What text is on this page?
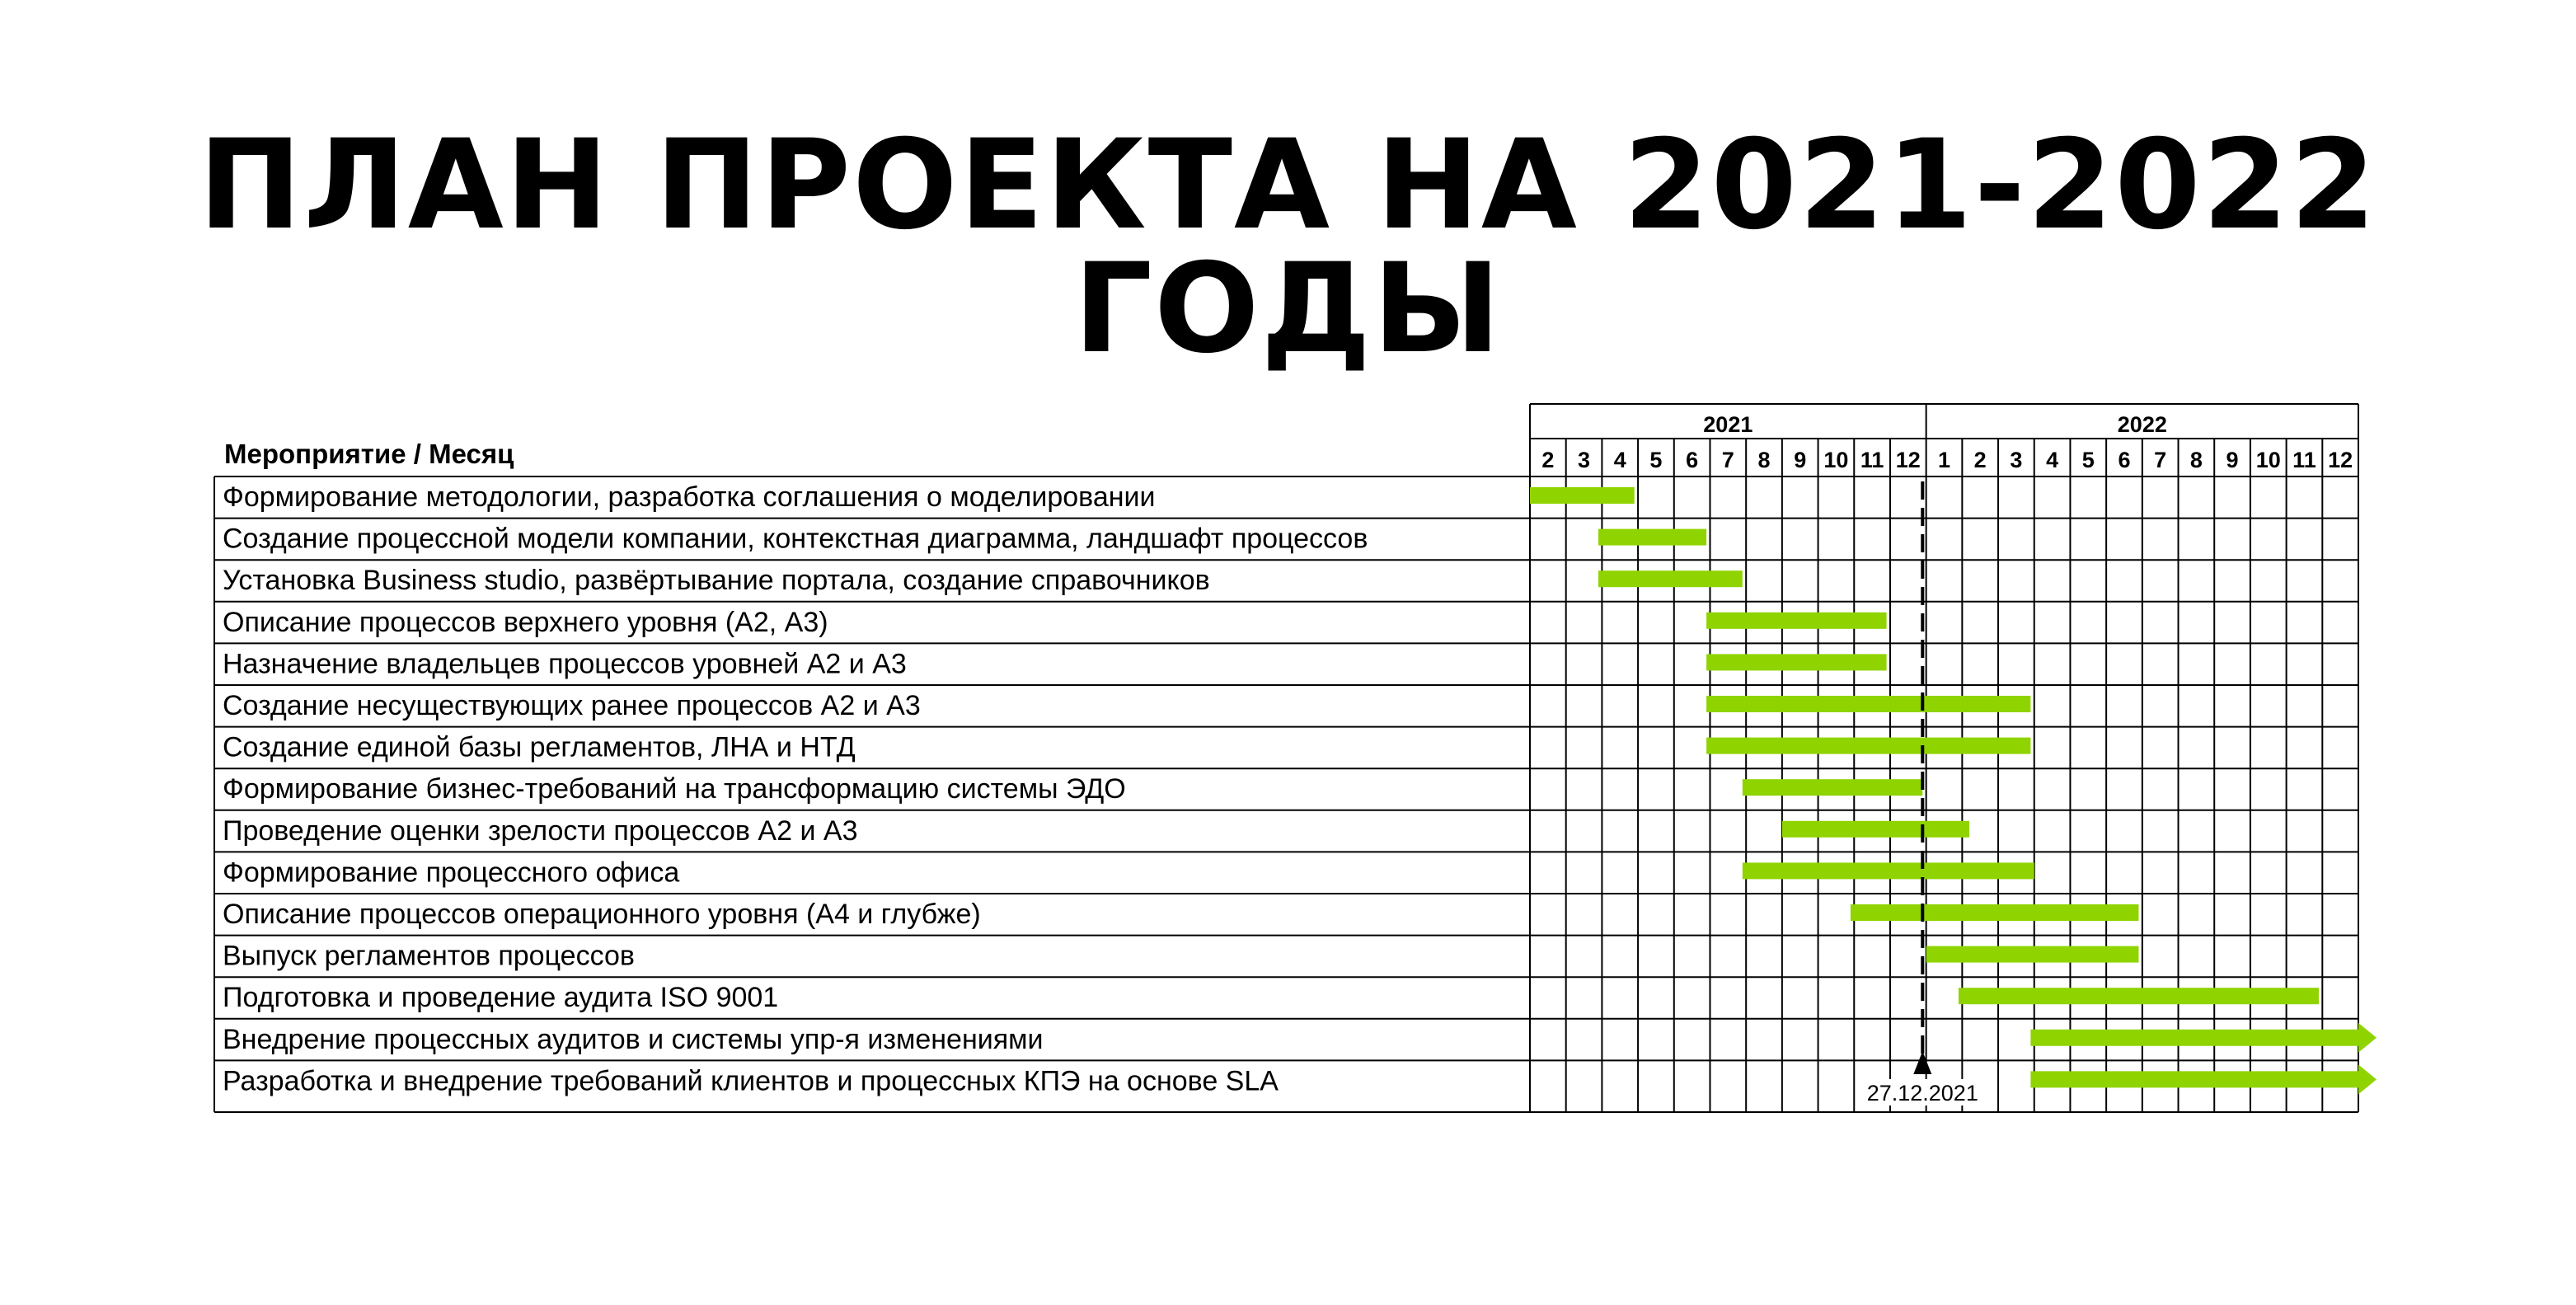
ПЛАН ПРОЕКТА НА 2021-2022 ГОДЫ
Мероприятие / Месяц
2021	2022
2 3 4 5 6 7 8 9 10 11 12 1 2 3 4 5 6 7 8 9 10 11 12
Формирование методологии, разработка соглашения о моделировании
Создание процессной модели компании, контекстная диаграмма, ландшафт процессов
Установка Business studio, развёртывание портала, создание справочников
Описание процессов верхнего уровня (А2, А3)
Назначение владельцев процессов уровней А2 и А3
Создание несуществующих ранее процессов А2 и А3
Создание единой базы регламентов, ЛНА и НТД
Формирование бизнес-требований на трансформацию системы ЭДО
Проведение оценки зрелости процессов А2 и А3
Формирование процессного офиса
Описание процессов операционного уровня (А4 и глубже)
Выпуск регламентов процессов
Подготовка и проведение аудита ISO 9001
Внедрение процессных аудитов и системы упр-я изменениями
Разработка и внедрение требований клиентов и процессных КПЭ на основе SLA	27.12.2021
